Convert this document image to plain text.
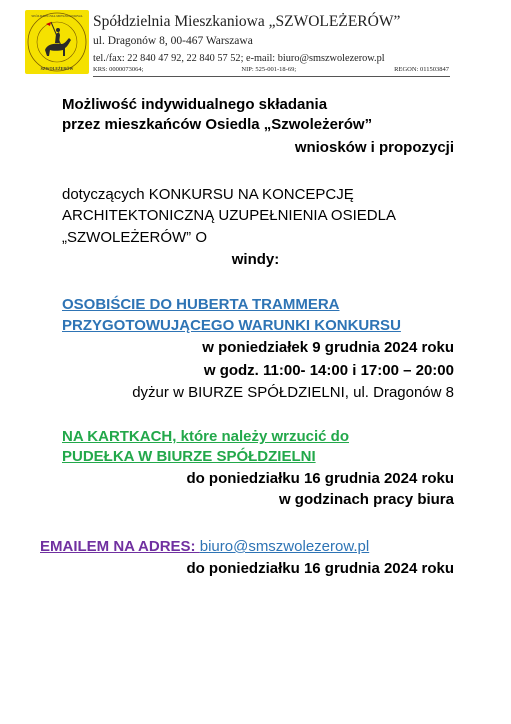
SPÓŁDZIELNIA MIESZKANIOWA
SZWOLEŻERÓW
Spółdzielnia Mieszkaniowa „SZWOLEŻERÓW”
ul. Dragonów 8, 00-467 Warszawa
tel./fax: 22 840 47 92, 22 840 57 52; e-mail: biuro@smszwolezerow.pl
KRS: 0000073064;	NIP: 525-001-18-69;	REGON: 011503847
Możliwość indywidualnego składania
przez mieszkańców Osiedla „Szwoleżerów”
wniosków i propozycji
dotyczących KONKURSU NA KONCEPCJĘ
ARCHITEKTONICZNĄ UZUPEŁNIENIA OSIEDLA
„SZWOLEŻERÓW” O
windy:
OSOBIŚCIE DO HUBERTA TRAMMERA
PRZYGOTOWUJĄCEGO WARUNKI KONKURSU
w poniedziałek 9 grudnia 2024 roku
w godz. 11:00- 14:00 i 17:00 – 20:00
dyżur w BIURZE SPÓŁDZIELNI, ul. Dragonów 8
NA KARTKACH, które należy wrzucić do
PUDEŁKA W BIURZE SPÓŁDZIELNI
do poniedziałku 16 grudnia 2024 roku
w godzinach pracy biura
EMAILEM NA ADRES: biuro@smszwolezerow.pl
do poniedziałku 16 grudnia 2024 roku
